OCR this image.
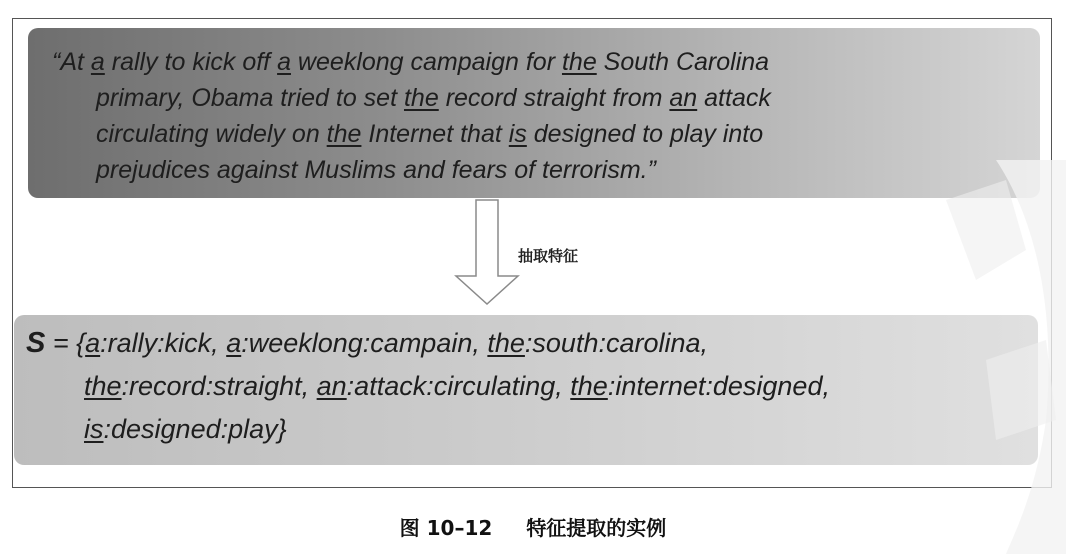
“At a rally to kick off a weeklong campaign for the South Carolina
primary, Obama tried to set the record straight from an attack
circulating widely on the Internet that is designed to play into
prejudices against Muslims and fears of terrorism.”
抽取特征
S = {a:rally:kick, a:weeklong:campain, the:south:carolina,
the:record:straight, an:attack:circulating, the:internet:designed,
is:designed:play}
图 10–12 特征提取的实例
